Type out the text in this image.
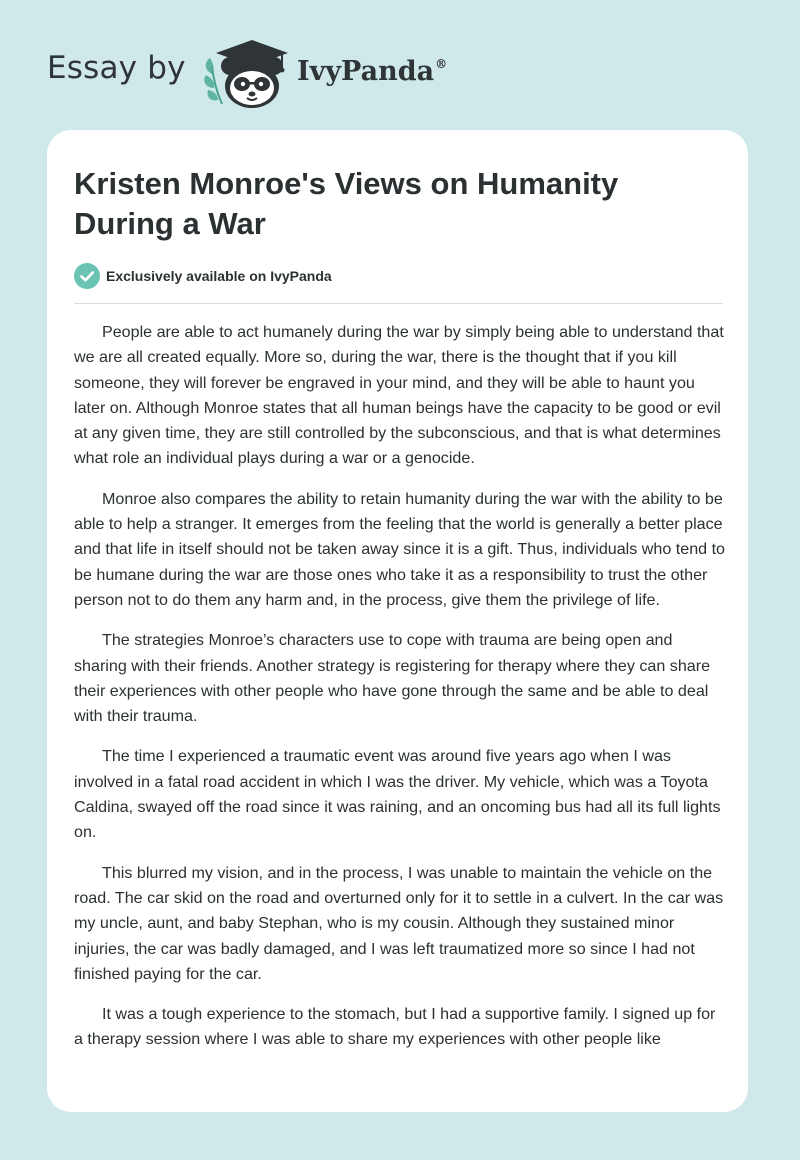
Essay by	IvyPanda®
Kristen Monroe's Views on Humanity During a War
Exclusively available on IvyPanda

People are able to act humanely during the war by simply being able to understand that we are all created equally. More so, during the war, there is the thought that if you kill someone, they will forever be engraved in your mind, and they will be able to haunt you later on. Although Monroe states that all human beings have the capacity to be good or evil at any given time, they are still controlled by the subconscious, and that is what determines what role an individual plays during a war or a genocide.

Monroe also compares the ability to retain humanity during the war with the ability to be able to help a stranger. It emerges from the feeling that the world is generally a better place and that life in itself should not be taken away since it is a gift. Thus, individuals who tend to be humane during the war are those ones who take it as a responsibility to trust the other person not to do them any harm and, in the process, give them the privilege of life.

The strategies Monroe’s characters use to cope with trauma are being open and sharing with their friends. Another strategy is registering for therapy where they can share their experiences with other people who have gone through the same and be able to deal with their trauma.

The time I experienced a traumatic event was around five years ago when I was involved in a fatal road accident in which I was the driver. My vehicle, which was a Toyota Caldina, swayed off the road since it was raining, and an oncoming bus had all its full lights on.

This blurred my vision, and in the process, I was unable to maintain the vehicle on the road. The car skid on the road and overturned only for it to settle in a culvert. In the car was my uncle, aunt, and baby Stephan, who is my cousin. Although they sustained minor injuries, the car was badly damaged, and I was left traumatized more so since I had not finished paying for the car.

It was a tough experience to the stomach, but I had a supportive family. I signed up for a therapy session where I was able to share my experiences with other people like
